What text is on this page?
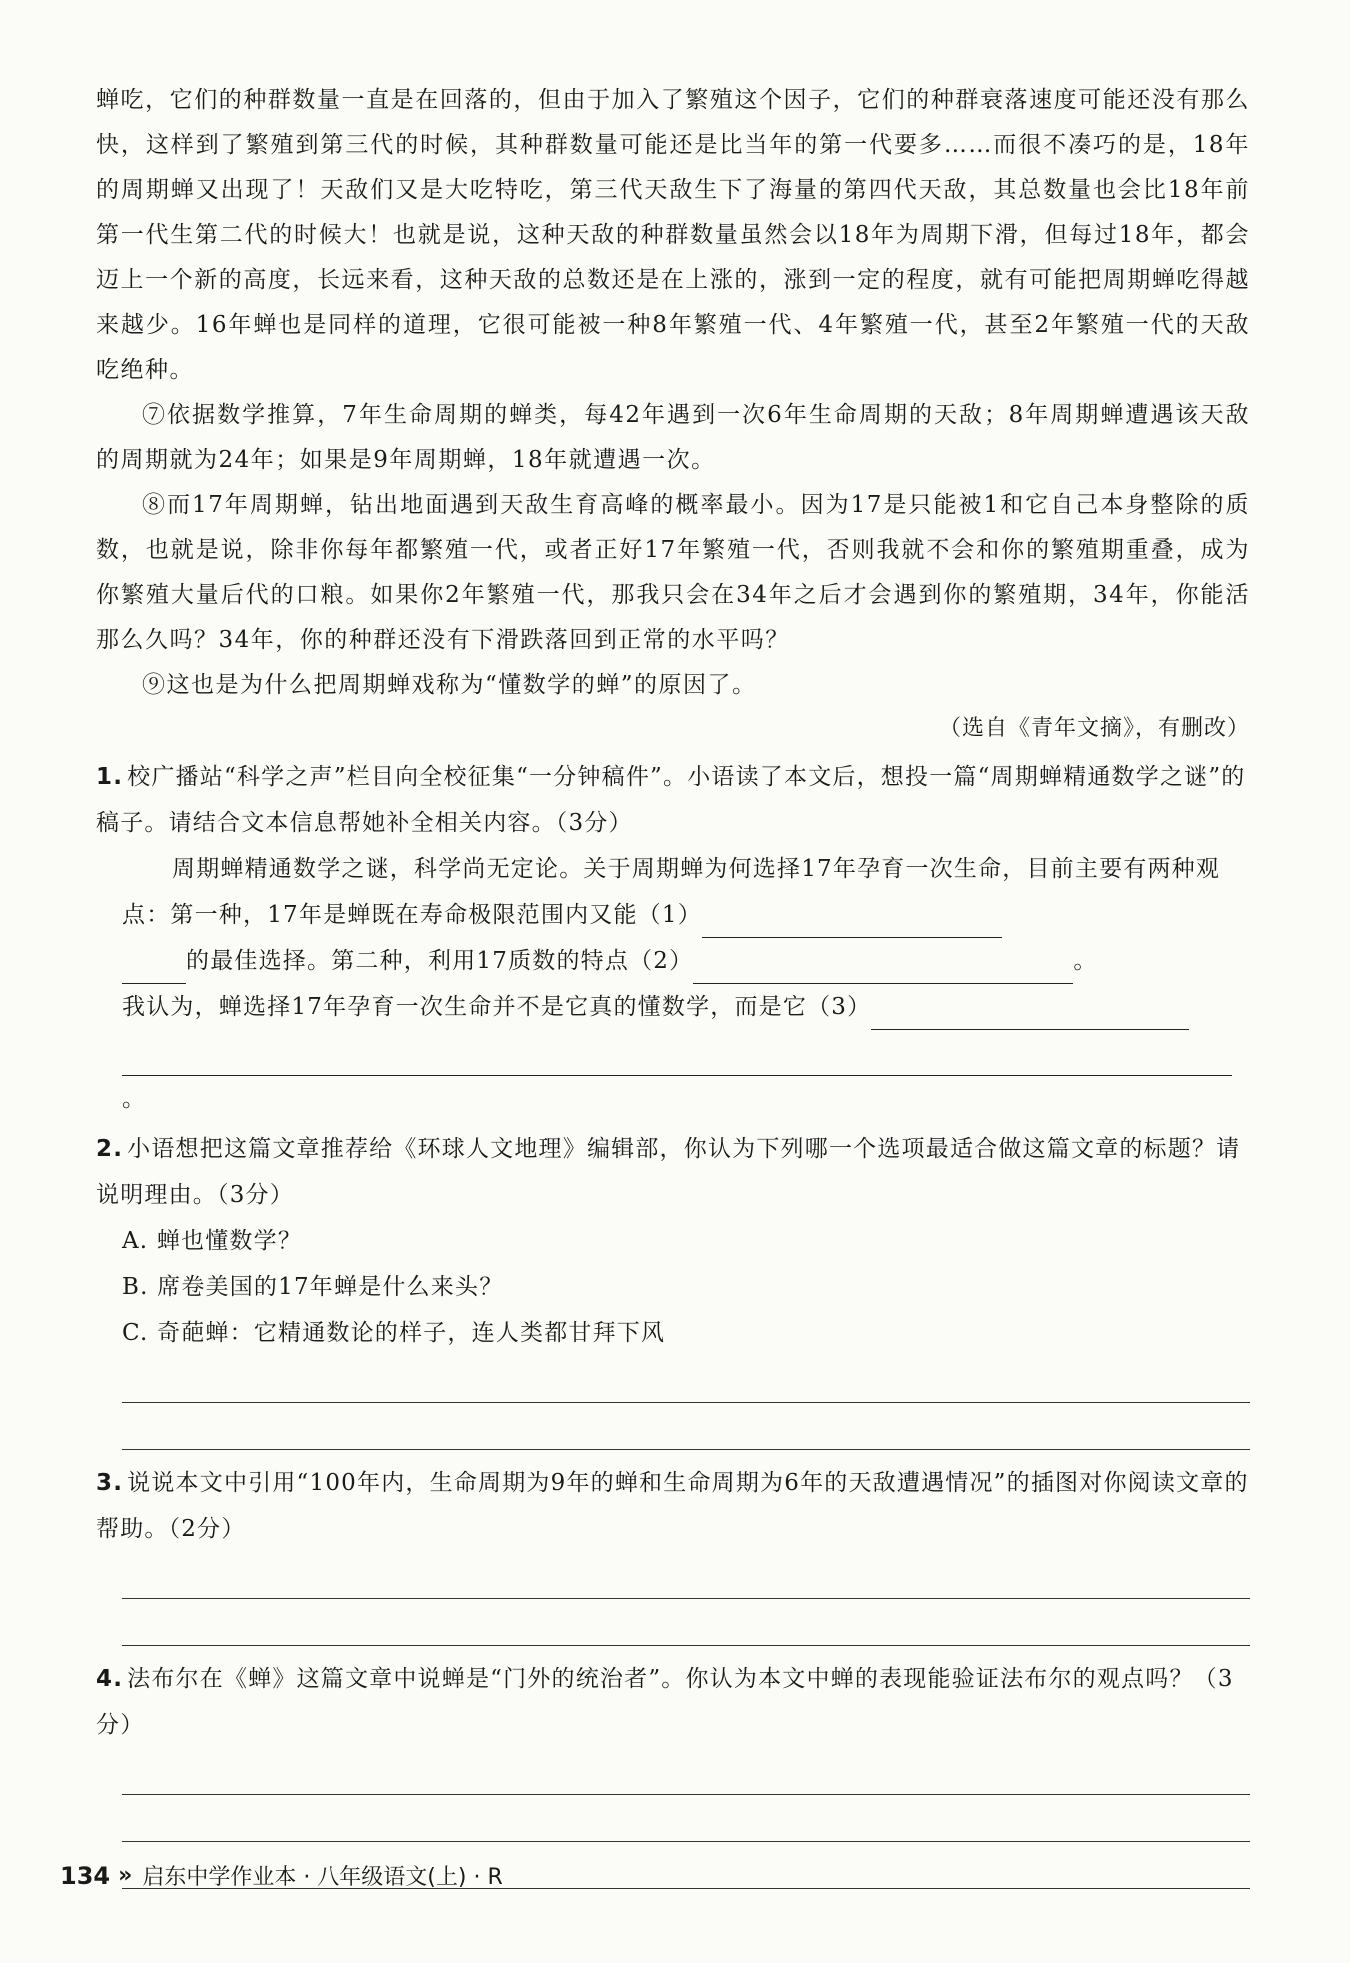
蝉吃，它们的种群数量一直是在回落的，但由于加入了繁殖这个因子，它们的种群衰落速度可能还没有那么快，这样到了繁殖到第三代的时候，其种群数量可能还是比当年的第一代要多……而很不凑巧的是，18年的周期蝉又出现了！天敌们又是大吃特吃，第三代天敌生下了海量的第四代天敌，其总数量也会比18年前第一代生第二代的时候大！也就是说，这种天敌的种群数量虽然会以18年为周期下滑，但每过18年，都会迈上一个新的高度，长远来看，这种天敌的总数还是在上涨的，涨到一定的程度，就有可能把周期蝉吃得越来越少。16年蝉也是同样的道理，它很可能被一种8年繁殖一代、4年繁殖一代，甚至2年繁殖一代的天敌吃绝种。

⑦依据数学推算，7年生命周期的蝉类，每42年遇到一次6年生命周期的天敌；8年周期蝉遭遇该天敌的周期就为24年；如果是9年周期蝉，18年就遭遇一次。

⑧而17年周期蝉，钻出地面遇到天敌生育高峰的概率最小。因为17是只能被1和它自己本身整除的质数，也就是说，除非你每年都繁殖一代，或者正好17年繁殖一代，否则我就不会和你的繁殖期重叠，成为你繁殖大量后代的口粮。如果你2年繁殖一代，那我只会在34年之后才会遇到你的繁殖期，34年，你能活那么久吗？34年，你的种群还没有下滑跌落回到正常的水平吗？

⑨这也是为什么把周期蝉戏称为“懂数学的蝉”的原因了。

（选自《青年文摘》，有删改）

1. 校广播站“科学之声”栏目向全校征集“一分钟稿件”。小语读了本文后，想投一篇“周期蝉精通数学之谜”的稿子。请结合文本信息帮她补全相关内容。（3分）
周期蝉精通数学之谜，科学尚无定论。关于周期蝉为何选择17年孕育一次生命，目前主要有两种观点：第一种，17年是蝉既在寿命极限范围内又能（1）
的最佳选择。第二种，利用17质数的特点（2）	。
我认为，蝉选择17年孕育一次生命并不是它真的懂数学，而是它（3）
。
2. 小语想把这篇文章推荐给《环球人文地理》编辑部，你认为下列哪一个选项最适合做这篇文章的标题？请说明理由。（3分）
A. 蝉也懂数学？
B. 席卷美国的17年蝉是什么来头？
C. 奇葩蝉：它精通数论的样子，连人类都甘拜下风
3. 说说本文中引用“100年内，生命周期为9年的蝉和生命周期为6年的天敌遭遇情况”的插图对你阅读文章的帮助。（2分）
4. 法布尔在《蝉》这篇文章中说蝉是“门外的统治者”。你认为本文中蝉的表现能验证法布尔的观点吗？（3分）
134 » 启东中学作业本 · 八年级语文(上) · R
